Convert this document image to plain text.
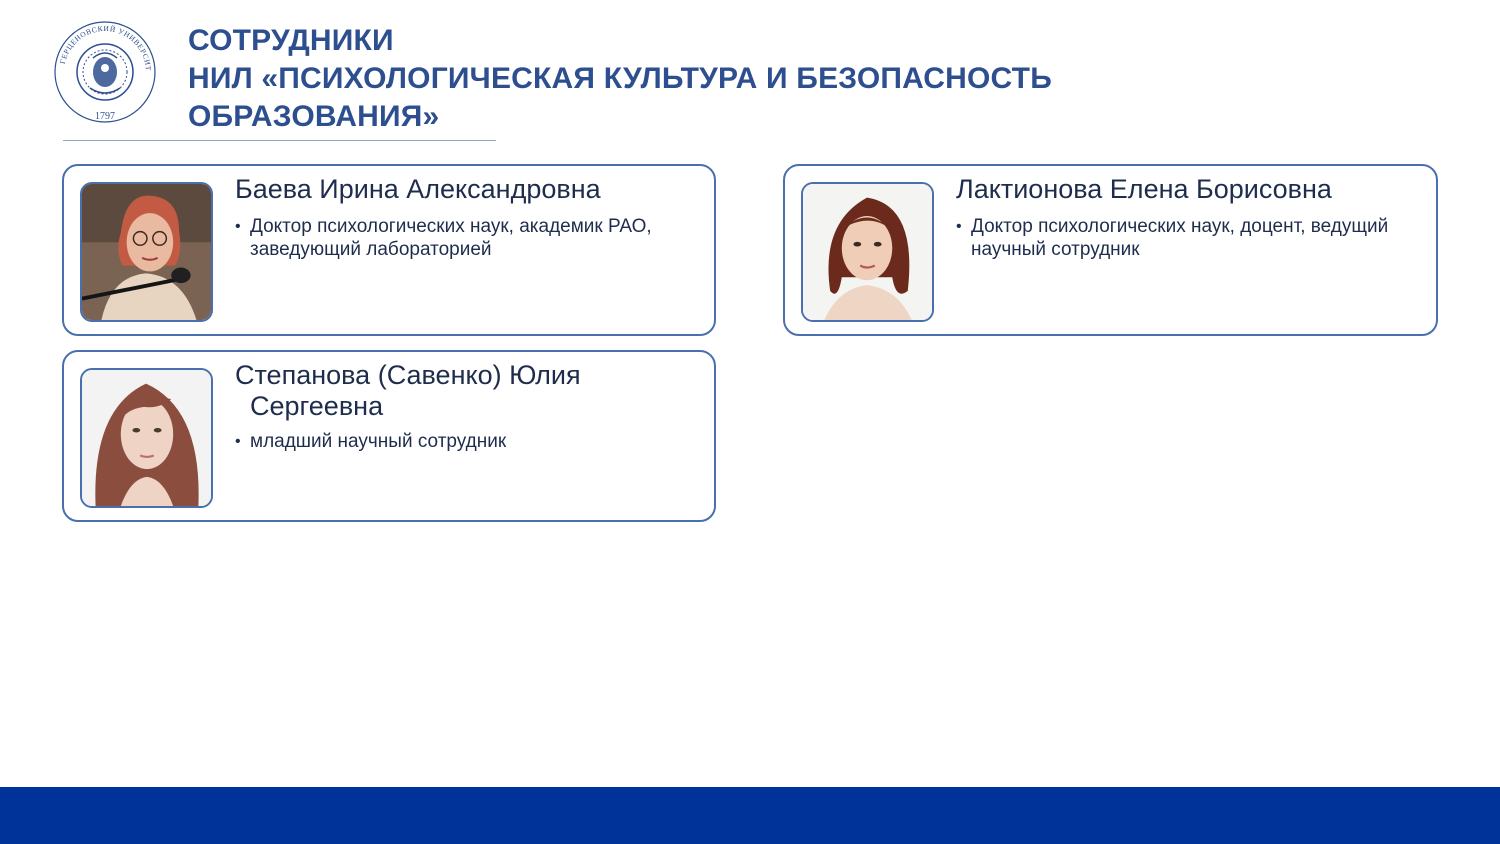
ГЕРЦЕНОВСКИЙ УНИВЕРСИТ
1797
СОТРУДНИКИ
НИЛ «ПСИХОЛОГИЧЕСКАЯ КУЛЬТУРА И БЕЗОПАСНОСТЬ
ОБРАЗОВАНИЯ»
Баева Ирина Александровна
• Доктор психологических наук, академик РАО, заведующий лабораторией
Лактионова Елена Борисовна
• Доктор психологических наук, доцент, ведущий научный сотрудник
Степанова (Савенко) Юлия Сергеевна
• младший научный сотрудник
